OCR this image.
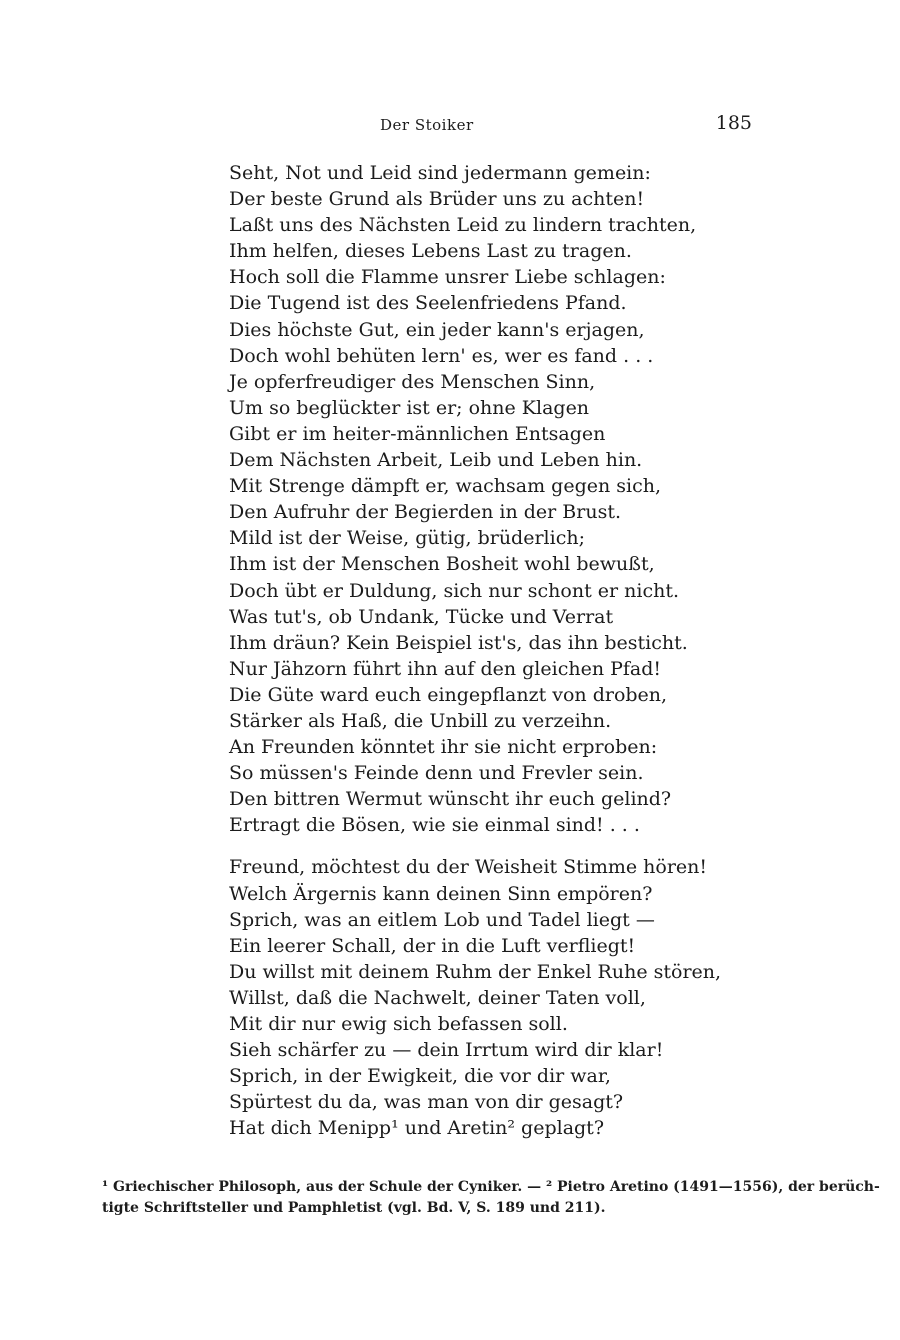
Der Stoiker	185
Seht, Not und Leid sind jedermann gemein:
Der beste Grund als Brüder uns zu achten!
Laßt uns des Nächsten Leid zu lindern trachten,
Ihm helfen, dieses Lebens Last zu tragen.
Hoch soll die Flamme unsrer Liebe schlagen:
Die Tugend ist des Seelenfriedens Pfand.
Dies höchste Gut, ein jeder kann's erjagen,
Doch wohl behüten lern' es, wer es fand . . .
Je opferfreudiger des Menschen Sinn,
Um so beglückter ist er; ohne Klagen
Gibt er im heiter-männlichen Entsagen
Dem Nächsten Arbeit, Leib und Leben hin.
Mit Strenge dämpft er, wachsam gegen sich,
Den Aufruhr der Begierden in der Brust.
Mild ist der Weise, gütig, brüderlich;
Ihm ist der Menschen Bosheit wohl bewußt,
Doch übt er Duldung, sich nur schont er nicht.
Was tut's, ob Undank, Tücke und Verrat
Ihm dräun? Kein Beispiel ist's, das ihn besticht.
Nur Jähzorn führt ihn auf den gleichen Pfad!
Die Güte ward euch eingepflanzt von droben,
Stärker als Haß, die Unbill zu verzeihn.
An Freunden könntet ihr sie nicht erproben:
So müssen's Feinde denn und Frevler sein.
Den bittren Wermut wünscht ihr euch gelind?
Ertragt die Bösen, wie sie einmal sind! . . .
Freund, möchtest du der Weisheit Stimme hören!
Welch Ärgernis kann deinen Sinn empören?
Sprich, was an eitlem Lob und Tadel liegt —
Ein leerer Schall, der in die Luft verfliegt!
Du willst mit deinem Ruhm der Enkel Ruhe stören,
Willst, daß die Nachwelt, deiner Taten voll,
Mit dir nur ewig sich befassen soll.
Sieh schärfer zu — dein Irrtum wird dir klar!
Sprich, in der Ewigkeit, die vor dir war,
Spürtest du da, was man von dir gesagt?
Hat dich Menipp¹ und Aretin² geplagt?
¹ Griechischer Philosoph, aus der Schule der Cyniker. — ² Pietro Aretino (1491—1556), der berüch-
tigte Schriftsteller und Pamphletist (vgl. Bd. V, S. 189 und 211).
